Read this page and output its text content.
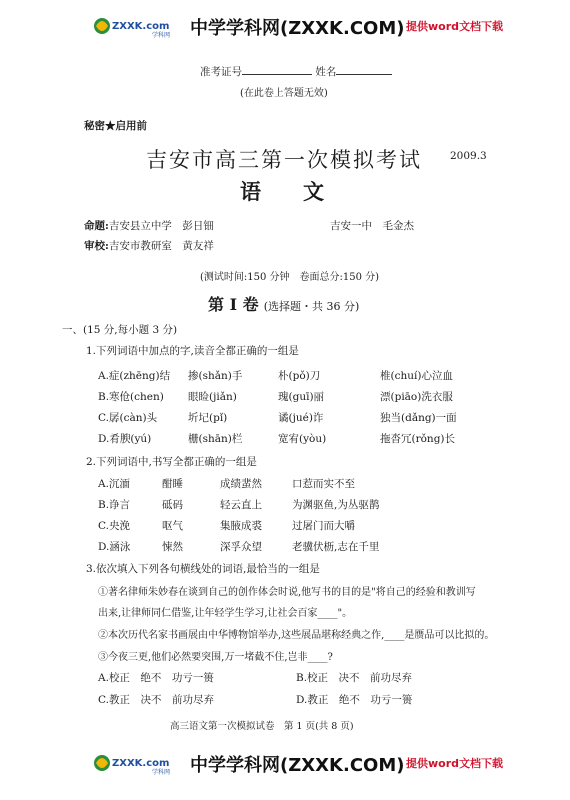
ZXXK.com
学科网 中学学科网(ZXXK.COM) 提供word文档下载
准考证号	姓名
(在此卷上答题无效)
秘密★启用前
吉安市高三第一次模拟考试	2009.3
语　　文
命题:吉安县立中学　彭日钿	吉安一中　毛金杰
审校:吉安市教研室　黄友祥
(测试时间:150 分钟　卷面总分:150 分)
第 I 卷 (选择题・共 36 分)
一、(15 分,每小题 3 分)
1.下列词语中加点的字,读音全都正确的一组是
A.症(zhēng)结 掺(shǎn)手	朴(pǒ)刀	椎(chuí)心泣血
B.寒伧(chen) 眼睑(jiǎn)	瑰(guī)丽	漂(piāo)洗衣服
C.孱(càn)头	圻圮(pǐ)	谲(jué)诈	独当(dǎng)一面
D.肴腴(yú)	栅(shān)栏	宽宥(yòu)	拖沓冗(rǒng)长
2.下列词语中,书写全都正确的一组是
A.沉湎	酣睡	成绩蜚然	口惹而实不至
B.诤言	砥码	轻云直上	为渊驱鱼,为丛驱鹊
C.央浼	呕气	集腋成裘	过屠门而大嚼
D.涵泳	悚然	深孚众望	老骥伏枥,志在千里
3.依次填入下列各句横线处的词语,最恰当的一组是
①著名律师朱妙春在谈到自己的创作体会时说,他写书的目的是"将自己的经验和教训写
出来,让律师同仁借鉴,让年轻学生学习,让社会百家____"。
②本次历代名家书画展由中华博物馆举办,这些展品堪称经典之作,____是赝品可以比拟的。
③今夜三更,他们必然要突围,万一堵截不住,岂非____?
A.校正　绝不　功亏一篑	B.校正　决不　前功尽弃
C.教正　决不　前功尽弃	D.教正　绝不　功亏一篑
高三语文第一次模拟试卷　第 1 页(共 8 页)
ZXXK.com
学科网 中学学科网(ZXXK.COM) 提供word文档下载
